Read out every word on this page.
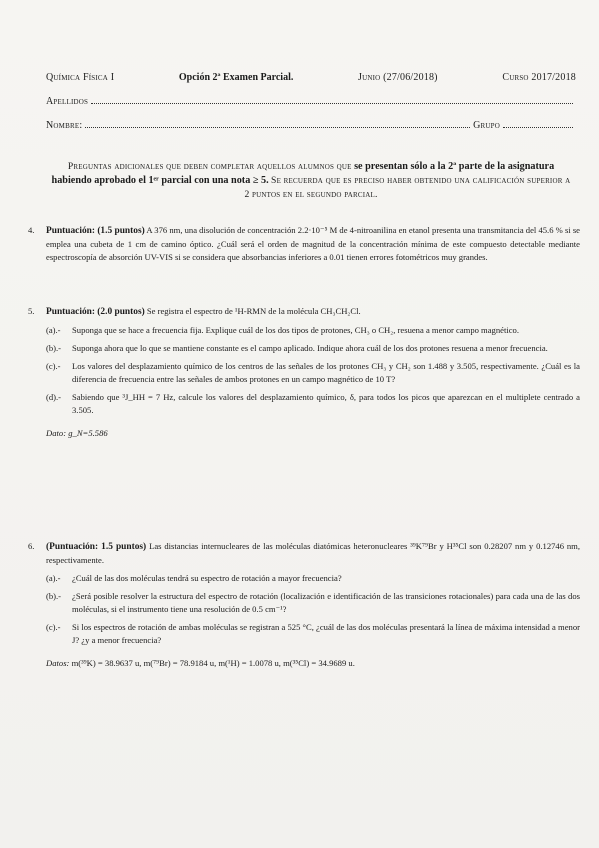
Química Física I	Opción 2ª Examen Parcial.	Junio (27/06/2018)	Curso 2017/2018
Apellidos
Nombre:	Grupo
Preguntas adicionales que deben completar aquellos alumnos que se presentan sólo a la 2ª parte de la asignatura habiendo aprobado el 1ᵉʳ parcial con una nota ≥ 5. Se recuerda que es preciso haber obtenido una calificación superior a 2 puntos en el segundo parcial.
4. Puntuación: (1.5 puntos) A 376 nm, una disolución de concentración 2.2·10⁻⁵ M de 4-nitroanilina en etanol presenta una transmitancia del 45.6 % si se emplea una cubeta de 1 cm de camino óptico. ¿Cuál será el orden de magnitud de la concentración mínima de este compuesto detectable mediante espectroscopía de absorción UV-VIS si se considera que absorbancias inferiores a 0.01 tienen errores fotométricos muy grandes.
5. Puntuación: (2.0 puntos) Se registra el espectro de ¹H-RMN de la molécula CH₃CH₂Cl.
(a).-	Suponga que se hace a frecuencia fija. Explique cuál de los dos tipos de protones, CH₃ o CH₂, resuena a menor campo magnético.
(b).-	Suponga ahora que lo que se mantiene constante es el campo aplicado. Indique ahora cuál de los dos protones resuena a menor frecuencia.
(c).-	Los valores del desplazamiento químico de los centros de las señales de los protones CH₃ y CH₂ son 1.488 y 3.505, respectivamente. ¿Cuál es la diferencia de frecuencia entre las señales de ambos protones en un campo magnético de 10 T?
(d).-	Sabiendo que ³J_HH = 7 Hz, calcule los valores del desplazamiento químico, δ, para todos los picos que aparezcan en el multiplete centrado a 3.505.
Dato: g_N=5.586
6. (Puntuación: 1.5 puntos) Las distancias internucleares de las moléculas diatómicas heteronucleares ³⁹K⁷⁹Br y H³⁵Cl son 0.28207 nm y 0.12746 nm, respectivamente.
(a).-	¿Cuál de las dos moléculas tendrá su espectro de rotación a mayor frecuencia?
(b).-	¿Será posible resolver la estructura del espectro de rotación (localización e identificación de las transiciones rotacionales) para cada una de las dos moléculas, si el instrumento tiene una resolución de 0.5 cm⁻¹?
(c).-	Si los espectros de rotación de ambas moléculas se registran a 525 °C, ¿cuál de las dos moléculas presentará la línea de máxima intensidad a menor J? ¿y a menor frecuencia?
Datos: m(³⁹K) = 38.9637 u, m(⁷⁹Br) = 78.9184 u, m(¹H) = 1.0078 u, m(³⁵Cl) = 34.9689 u.
